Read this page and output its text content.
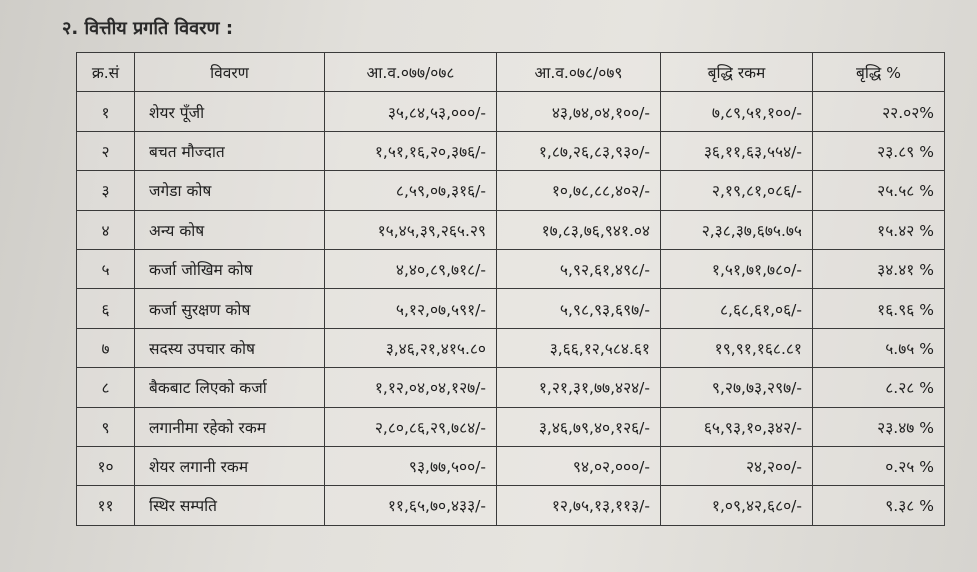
२. वित्तीय प्रगति विवरण :
क्र.सं	विवरण	आ.व.०७७/०७८	आ.व.०७८/०७९	बृद्धि रकम	बृद्धि %
१	शेयर पूँजी	३५,८४,५३,०००/-	४३,७४,०४,१००/-	७,८९,५१,१००/-	२२.०२%
२	बचत मौज्दात	१,५१,१६,२०,३७६/-	१,८७,२६,८३,९३०/-	३६,११,६३,५५४/-	२३.८९ %
३	जगेडा कोष	८,५९,०७,३१६/-	१०,७८,८८,४०२/-	२,१९,८१,०८६/-	२५.५८ %
४	अन्य कोष	१५,४५,३९,२६५.२९	१७,८३,७६,९४१.०४	२,३८,३७,६७५.७५	१५.४२ %
५	कर्जा जोखिम कोष	४,४०,८९,७१८/-	५,९२,६१,४९८/-	१,५१,७१,७८०/-	३४.४१ %
६	कर्जा सुरक्षण कोष	५,१२,०७,५९१/-	५,९८,९३,६९७/-	८,६८,६१,०६/-	१६.९६ %
७	सदस्य उपचार कोष	३,४६,२१,४१५.८०	३,६६,१२,५८४.६१	१९,९१,१६८.८१	५.७५ %
८	बैकबाट लिएको कर्जा	१,१२,०४,०४,१२७/-	१,२१,३१,७७,४२४/-	९,२७,७३,२९७/-	८.२८ %
९	लगानीमा रहेको रकम	२,८०,८६,२९,७८४/-	३,४६,७९,४०,१२६/-	६५,९३,१०,३४२/-	२३.४७ %
१०	शेयर लगानी रकम	९३,७७,५००/-	९४,०२,०००/-	२४,२००/-	०.२५ %
११	स्थिर सम्पति	११,६५,७०,४३३/-	१२,७५,१३,११३/-	१,०९,४२,६८०/-	९.३८ %
